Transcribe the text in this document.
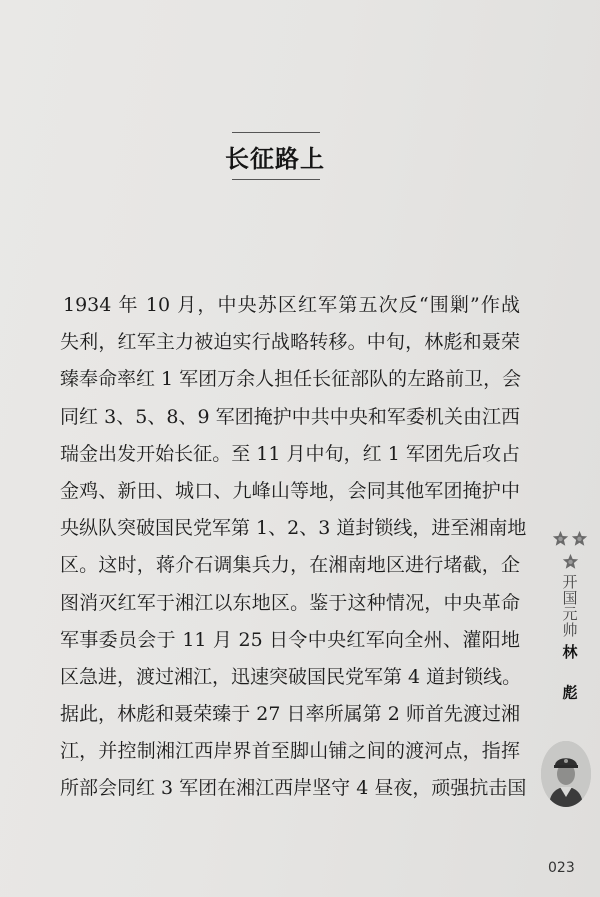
长征路上
1934 年 10 月，中央苏区红军第五次反“围剿”作战
失利，红军主力被迫实行战略转移。中旬，林彪和聂荣
臻奉命率红 1 军团万余人担任长征部队的左路前卫，会
同红 3、5、8、9 军团掩护中共中央和军委机关由江西
瑞金出发开始长征。至 11 月中旬，红 1 军团先后攻占
金鸡、新田、城口、九峰山等地，会同其他军团掩护中
央纵队突破国民党军第 1、2、3 道封锁线，进至湘南地
区。这时，蒋介石调集兵力，在湘南地区进行堵截，企
图消灭红军于湘江以东地区。鉴于这种情况，中央革命
军事委员会于 11 月 25 日令中央红军向全州、灌阳地
区急进，渡过湘江，迅速突破国民党军第 4 道封锁线。
据此，林彪和聂荣臻于 27 日率所属第 2 师首先渡过湘
江，并控制湘江西岸界首至脚山铺之间的渡河点，指挥
所部会同红 3 军团在湘江西岸坚守 4 昼夜，顽强抗击国
开国元帅
林 彪
023
